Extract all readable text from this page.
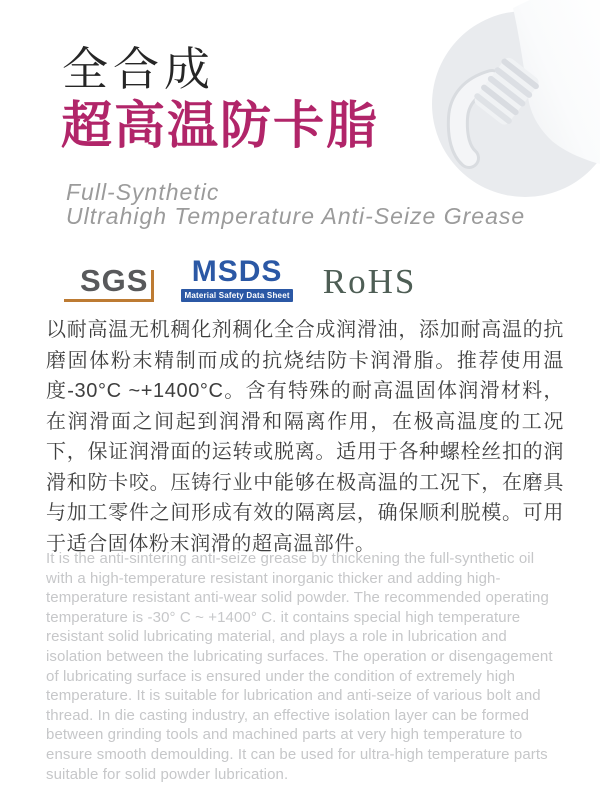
全合成
超高温防卡脂
Full-Synthetic
Ultrahigh Temperature Anti-Seize Grease
SGS MSDS
Material Safety Data Sheet RoHS

以耐高温无机稠化剂稠化全合成润滑油，添加耐高温的抗磨固体粉末精制而成的抗烧结防卡润滑脂。推荐使用温度-30°C ~+1400°C。含有特殊的耐高温固体润滑材料，在润滑面之间起到润滑和隔离作用，在极高温度的工况下，保证润滑面的运转或脱离。适用于各种螺栓丝扣的润滑和防卡咬。压铸行业中能够在极高温的工况下，在磨具与加工零件之间形成有效的隔离层，确保顺利脱模。可用于适合固体粉末润滑的超高温部件。

It is the anti-sintering anti-seize grease by thickening the full-synthetic oil with a high-temperature resistant inorganic thicker and adding high-temperature resistant anti-wear solid powder. The recommended operating temperature is -30° C ~ +1400° C. it contains special high temperature resistant solid lubricating material, and plays a role in lubrication and isolation between the lubricating surfaces. The operation or disengagement of lubricating surface is ensured under the condition of extremely high temperature. It is suitable for lubrication and anti-seize of various bolt and thread. In die casting industry, an effective isolation layer can be formed between grinding tools and machined parts at very high temperature to ensure smooth demoulding. It can be used for ultra-high temperature parts suitable for solid powder lubrication.
